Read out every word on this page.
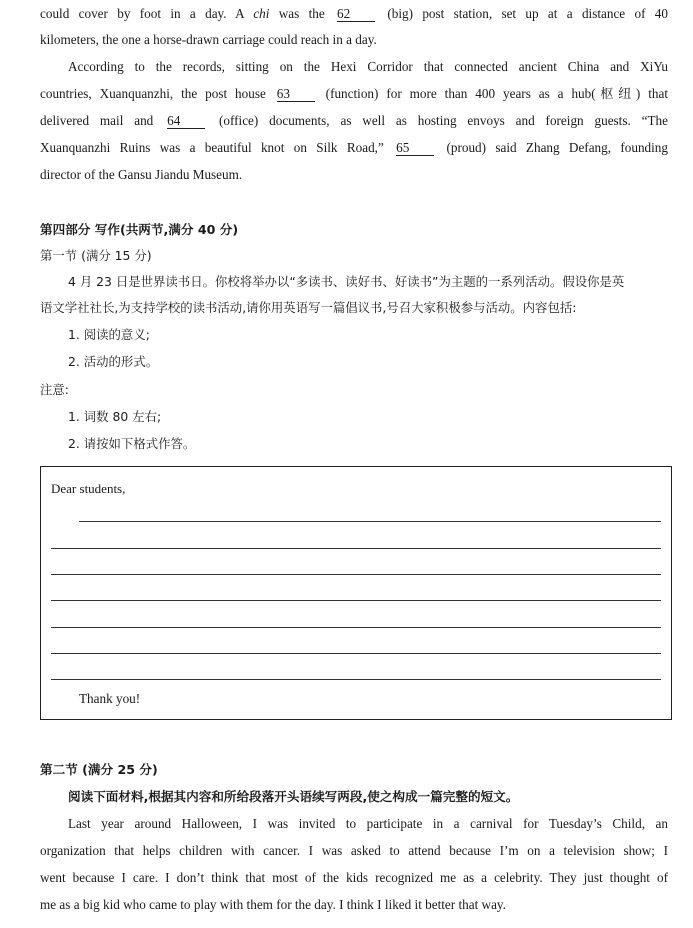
could cover by foot in a day. A chi was the 62 (big) post station, set up at a distance of 40
kilometers, the one a horse-drawn carriage could reach in a day.
According to the records, sitting on the Hexi Corridor that connected ancient China and XiYu
countries, Xuanquanzhi, the post house 63 (function) for more than 400 years as a hub(枢纽) that
delivered mail and 64 (office) documents, as well as hosting envoys and foreign guests. “The
Xuanquanzhi Ruins was a beautiful knot on Silk Road,” 65 (proud) said Zhang Defang, founding
director of the Gansu Jiandu Museum.
第四部分 写作(共两节,满分 40 分)
第一节 (满分 15 分)
4 月 23 日是世界读书日。你校将举办以“多读书、读好书、好读书”为主题的一系列活动。假设你是英
语文学社社长,为支持学校的读书活动,请你用英语写一篇倡议书,号召大家积极参与活动。内容包括:
1. 阅读的意义;
2. 活动的形式。
注意:
1. 词数 80 左右;
2. 请按如下格式作答。
Dear students,
Thank you!
第二节 (满分 25 分)
阅读下面材料,根据其内容和所给段落开头语续写两段,使之构成一篇完整的短文。
Last year around Halloween, I was invited to participate in a carnival for Tuesday’s Child, an
organization that helps children with cancer. I was asked to attend because I’m on a television show; I
went because I care. I don’t think that most of the kids recognized me as a celebrity. They just thought of
me as a big kid who came to play with them for the day. I think I liked it better that way.
